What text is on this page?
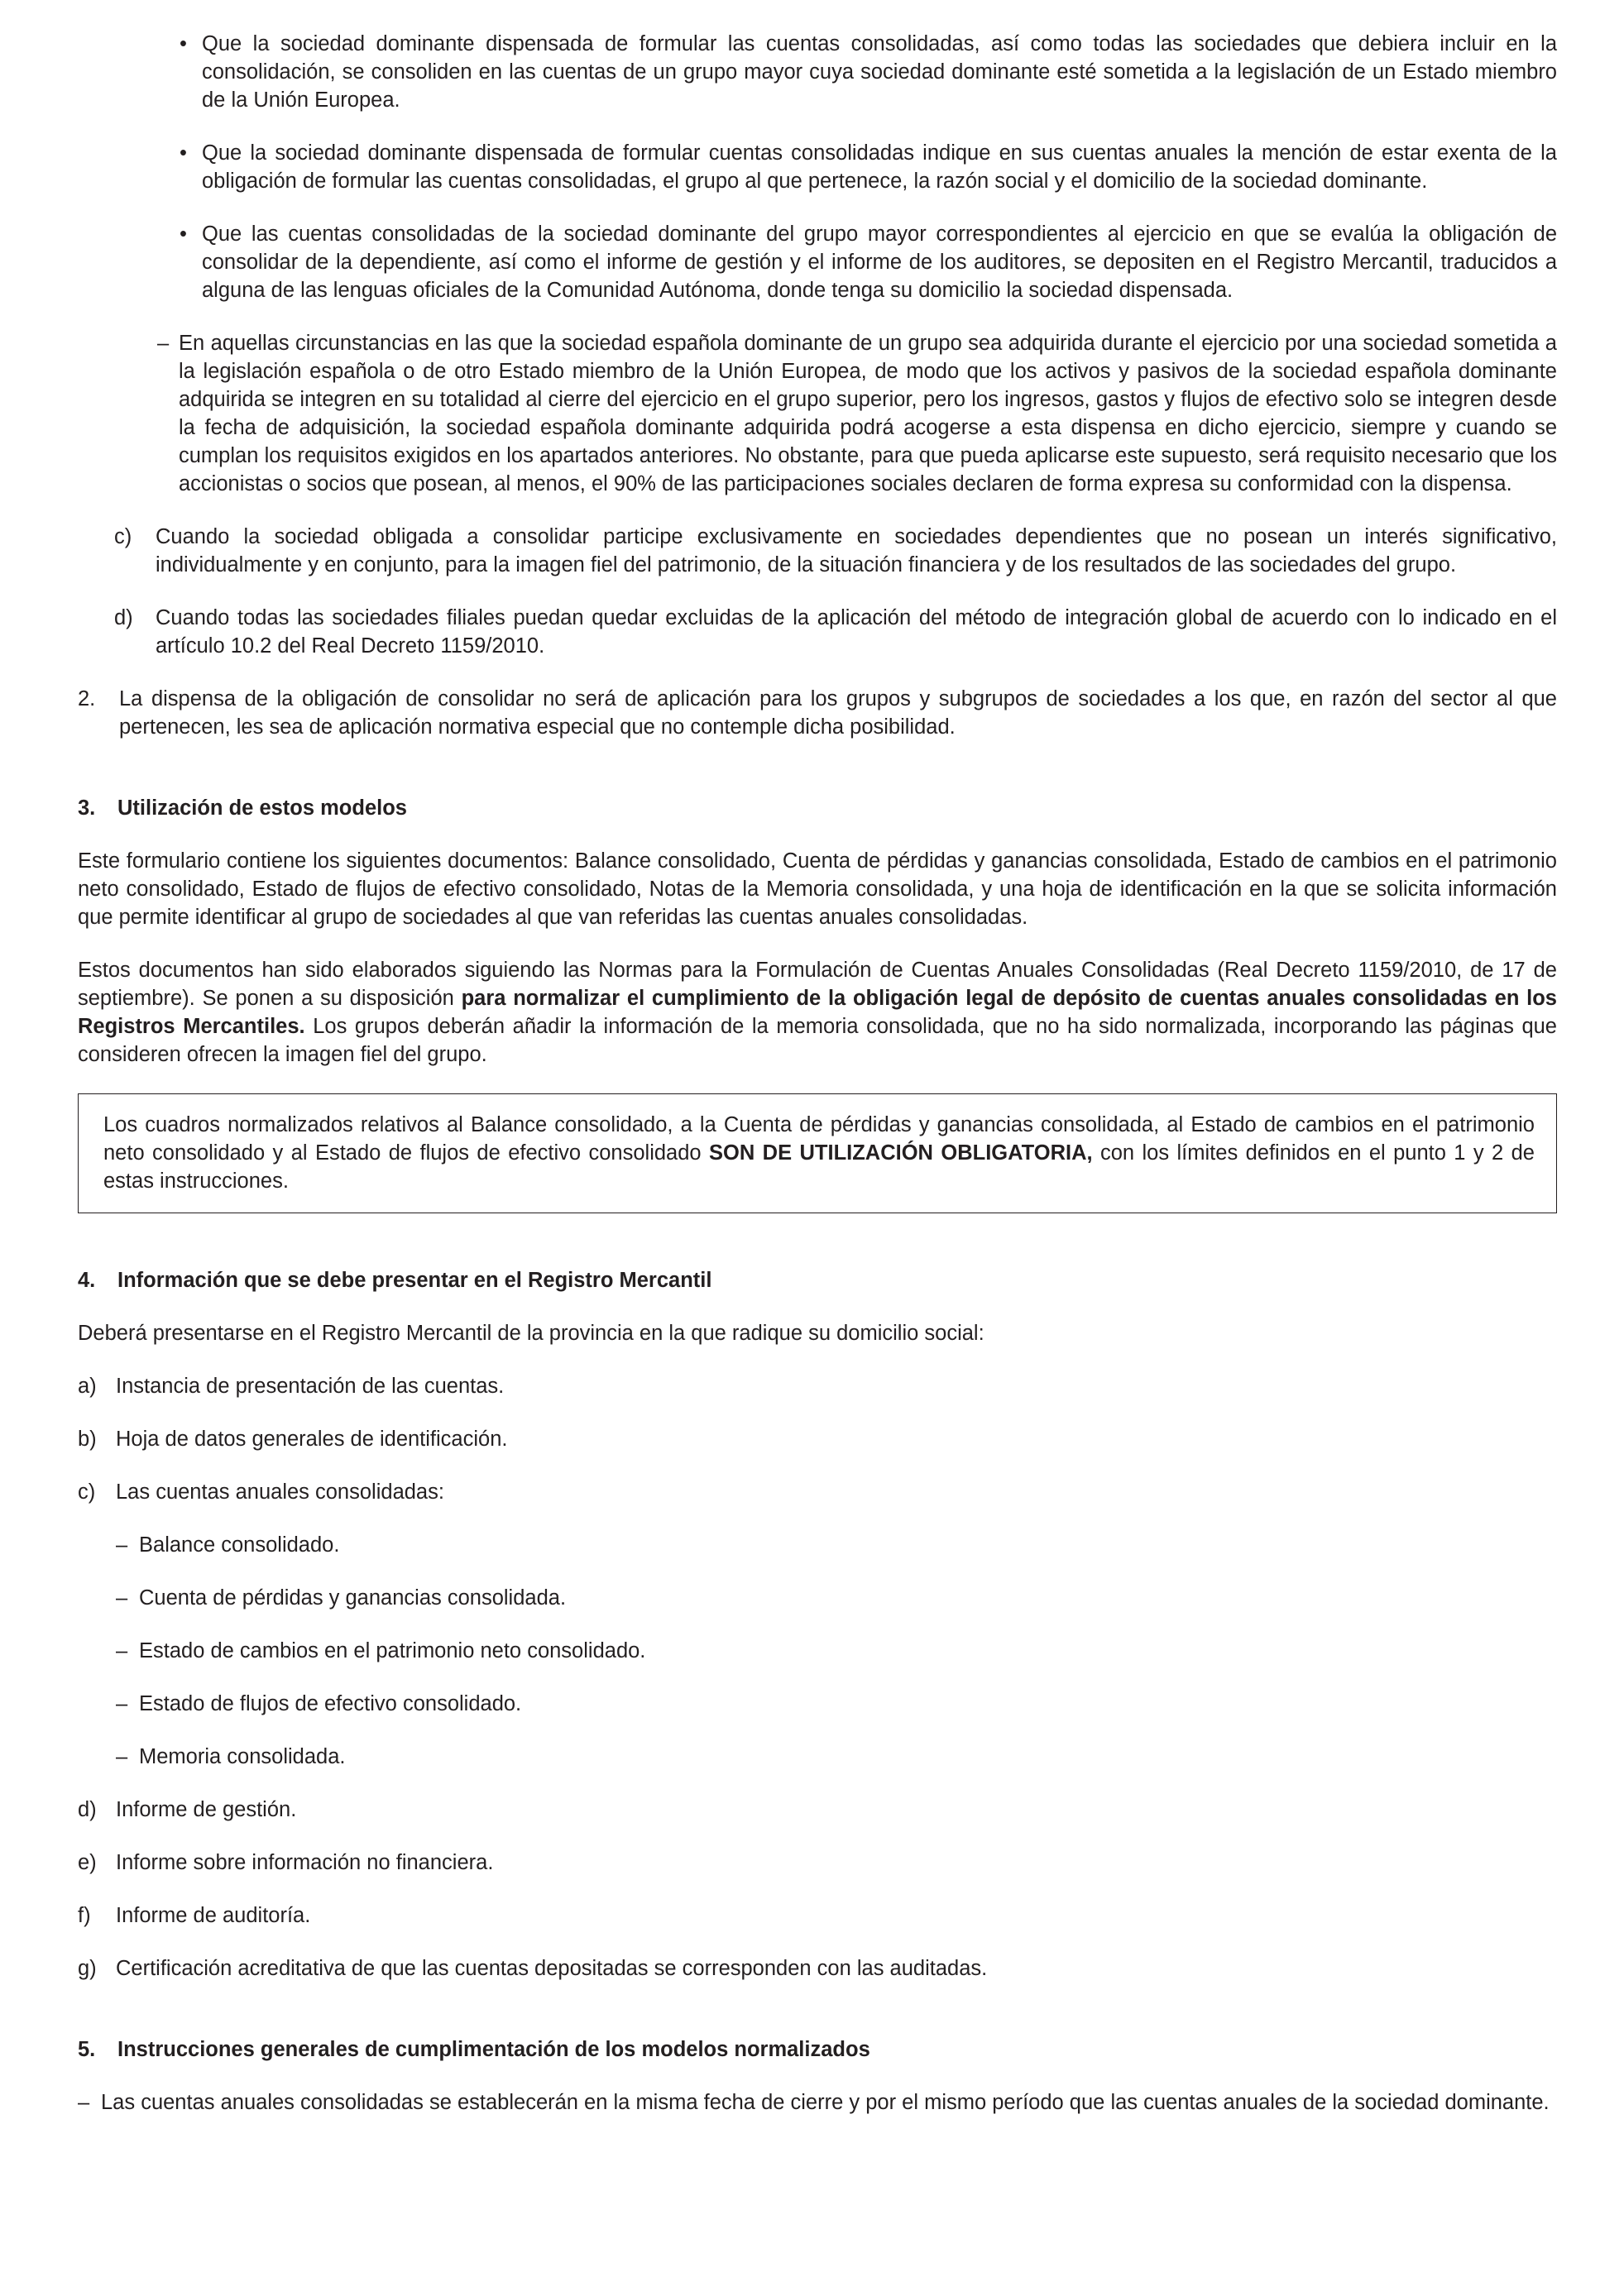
• Que la sociedad dominante dispensada de formular las cuentas consolidadas, así como todas las sociedades que debiera incluir en la consolidación, se consoliden en las cuentas de un grupo mayor cuya sociedad dominante esté sometida a la legislación de un Estado miembro de la Unión Europea.

• Que la sociedad dominante dispensada de formular cuentas consolidadas indique en sus cuentas anuales la mención de estar exenta de la obligación de formular las cuentas consolidadas, el grupo al que pertenece, la razón social y el domicilio de la sociedad dominante.

• Que las cuentas consolidadas de la sociedad dominante del grupo mayor correspondientes al ejercicio en que se evalúa la obligación de consolidar de la dependiente, así como el informe de gestión y el informe de los auditores, se depositen en el Registro Mercantil, traducidos a alguna de las lenguas oficiales de la Comunidad Autónoma, donde tenga su domicilio la sociedad dispensada.

– En aquellas circunstancias en las que la sociedad española dominante de un grupo sea adquirida durante el ejercicio por una sociedad sometida a la legislación española o de otro Estado miembro de la Unión Europea, de modo que los activos y pasivos de la sociedad española dominante adquirida se integren en su totalidad al cierre del ejercicio en el grupo superior, pero los ingresos, gastos y flujos de efectivo solo se integren desde la fecha de adquisición, la sociedad española dominante adquirida podrá acogerse a esta dispensa en dicho ejercicio, siempre y cuando se cumplan los requisitos exigidos en los apartados anteriores. No obstante, para que pueda aplicarse este supuesto, será requisito necesario que los accionistas o socios que posean, al menos, el 90% de las participaciones sociales declaren de forma expresa su conformidad con la dispensa.

c) Cuando la sociedad obligada a consolidar participe exclusivamente en sociedades dependientes que no posean un interés significativo, individualmente y en conjunto, para la imagen fiel del patrimonio, de la situación financiera y de los resultados de las sociedades del grupo.

d) Cuando todas las sociedades filiales puedan quedar excluidas de la aplicación del método de integración global de acuerdo con lo indicado en el artículo 10.2 del Real Decreto 1159/2010.

2. La dispensa de la obligación de consolidar no será de aplicación para los grupos y subgrupos de sociedades a los que, en razón del sector al que pertenecen, les sea de aplicación normativa especial que no contemple dicha posibilidad.

3. Utilización de estos modelos

Este formulario contiene los siguientes documentos: Balance consolidado, Cuenta de pérdidas y ganancias consolidada, Estado de cambios en el patrimonio neto consolidado, Estado de flujos de efectivo consolidado, Notas de la Memoria consolidada, y una hoja de identificación en la que se solicita información que permite identificar al grupo de sociedades al que van referidas las cuentas anuales consolidadas.

Estos documentos han sido elaborados siguiendo las Normas para la Formulación de Cuentas Anuales Consolidadas (Real Decreto 1159/2010, de 17 de septiembre). Se ponen a su disposición para normalizar el cumplimiento de la obligación legal de depósito de cuentas anuales consolidadas en los Registros Mercantiles. Los grupos deberán añadir la información de la memoria consolidada, que no ha sido normalizada, incorporando las páginas que consideren ofrecen la imagen fiel del grupo.

Los cuadros normalizados relativos al Balance consolidado, a la Cuenta de pérdidas y ganancias consolidada, al Estado de cambios en el patrimonio neto consolidado y al Estado de flujos de efectivo consolidado SON DE UTILIZACIÓN OBLIGATORIA, con los límites definidos en el punto 1 y 2 de estas instrucciones.

4. Información que se debe presentar en el Registro Mercantil

Deberá presentarse en el Registro Mercantil de la provincia en la que radique su domicilio social:

a) Instancia de presentación de las cuentas.

b) Hoja de datos generales de identificación.

c) Las cuentas anuales consolidadas:

– Balance consolidado.

– Cuenta de pérdidas y ganancias consolidada.

– Estado de cambios en el patrimonio neto consolidado.

– Estado de flujos de efectivo consolidado.

– Memoria consolidada.

d) Informe de gestión.

e) Informe sobre información no financiera.

f) Informe de auditoría.

g) Certificación acreditativa de que las cuentas depositadas se corresponden con las auditadas.

5. Instrucciones generales de cumplimentación de los modelos normalizados
– Las cuentas anuales consolidadas se establecerán en la misma fecha de cierre y por el mismo período que las cuentas anuales de la sociedad dominante.
